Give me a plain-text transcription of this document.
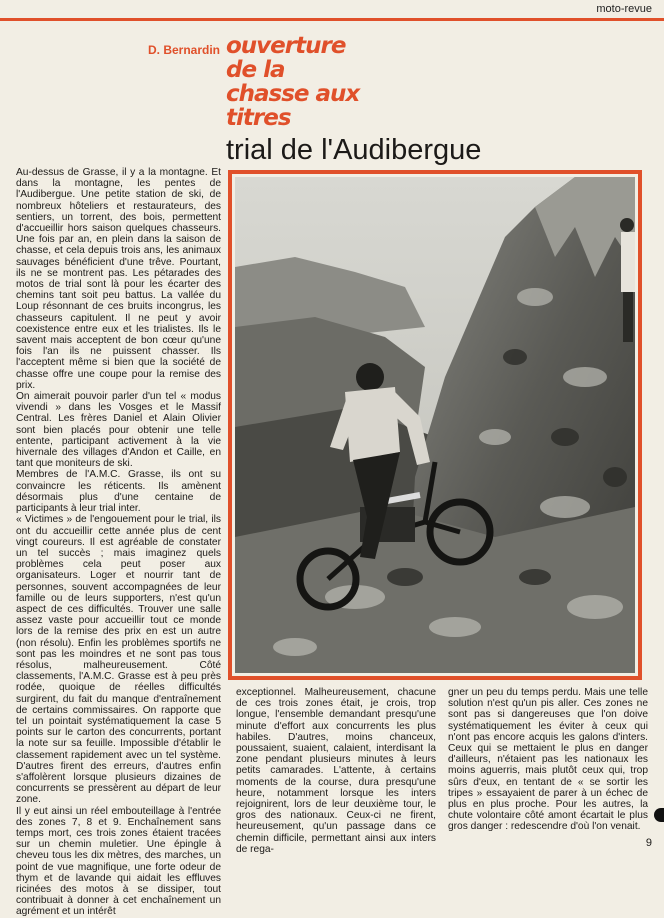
moto-revue
D. Bernardin ouverture
de la
chasse aux
titres
trial de l'Audibergue
Au-dessus de Grasse, il y a la montagne. Et dans la montagne, les pentes de l'Audibergue. Une petite station de ski, de nombreux hôteliers et restaurateurs, des sentiers, un torrent, des bois, permettent d'accueillir hors saison quelques chasseurs. Une fois par an, en plein dans la saison de chasse, et cela depuis trois ans, les animaux sauvages bénéficient d'une trêve. Pourtant, ils ne se montrent pas. Les pétarades des motos de trial sont là pour les écarter des chemins tant soit peu battus. La vallée du Loup résonnant de ces bruits incongrus, les chasseurs capitulent. Il ne peut y avoir coexistence entre eux et les trialistes. Ils le savent mais acceptent de bon cœur qu'une fois l'an ils ne puissent chasser. Ils l'acceptent même si bien que la société de chasse offre une coupe pour la remise des prix.
On aimerait pouvoir parler d'un tel « modus vivendi » dans les Vosges et le Massif Central. Les frères Daniel et Alain Olivier sont bien placés pour obtenir une telle entente, participant activement à la vie hivernale des villages d'Andon et Caille, en tant que moniteurs de ski.
Membres de l'A.M.C. Grasse, ils ont su convaincre les réticents. Ils amènent désormais plus d'une centaine de participants à leur trial inter.
« Victimes » de l'engouement pour le trial, ils ont du accueillir cette année plus de cent vingt coureurs. Il est agréable de constater un tel succès ; mais imaginez quels problèmes cela peut poser aux organisateurs. Loger et nourrir tant de personnes, souvent accompagnées de leur famille ou de leurs supporters, n'est qu'un aspect de ces difficultés. Trouver une salle assez vaste pour accueillir tout ce monde lors de la remise des prix en est un autre (non résolu). Enfin les problèmes sportifs ne sont pas les moindres et ne sont pas tous résolus, malheureusement. Côté classements, l'A.M.C. Grasse est à peu près rodée, quoique de réelles difficultés surgirent, du fait du manque d'entraînement de certains commissaires. On rapporte que tel un pointait systématiquement la case 5 points sur le carton des concurrents, portant la note sur sa feuille. Impossible d'établir le classement rapidement avec un tel système. D'autres firent des erreurs, d'autres enfin s'affolèrent lorsque plusieurs dizaines de concurrents se pressèrent au départ de leur zone.
Il y eut ainsi un réel embouteillage à l'entrée des zones 7, 8 et 9. Enchaînement sans temps mort, ces trois zones étaient tracées sur un chemin muletier. Une épingle à cheveu tous les dix mètres, des marches, un point de vue magnifique, une forte odeur de thym et de lavande qui aidait les effluves ricinées des motos à se dissiper, tout contribuait à donner à cet enchaînement un agrément et un intérêt
exceptionnel. Malheureusement, chacune de ces trois zones était, je crois, trop longue, l'ensemble demandant presqu'une minute d'effort aux concurrents les plus habiles. D'autres, moins chanceux, poussaient, suaient, calaient, interdisant la zone pendant plusieurs minutes à leurs petits camarades. L'attente, à certains moments de la course, dura presqu'une heure, notamment lorsque les inters rejoignirent, lors de leur deuxième tour, le gros des nationaux. Ceux-ci ne firent, heureusement, qu'un passage dans ce chemin difficile, permettant ainsi aux inters de rega-
gner un peu du temps perdu. Mais une telle solution n'est qu'un pis aller. Ces zones ne sont pas si dangereuses que l'on doive systématiquement les éviter à ceux qui n'ont pas encore acquis les galons d'inters. Ceux qui se mettaient le plus en danger d'ailleurs, n'étaient pas les nationaux les moins aguerris, mais plutôt ceux qui, trop sûrs d'eux, en tentant de « se sortir les tripes » essayaient de parer à un échec de plus en plus proche. Pour les autres, la chute volontaire côté amont écartait le plus gros danger : redescendre d'où l'on venait.
9
